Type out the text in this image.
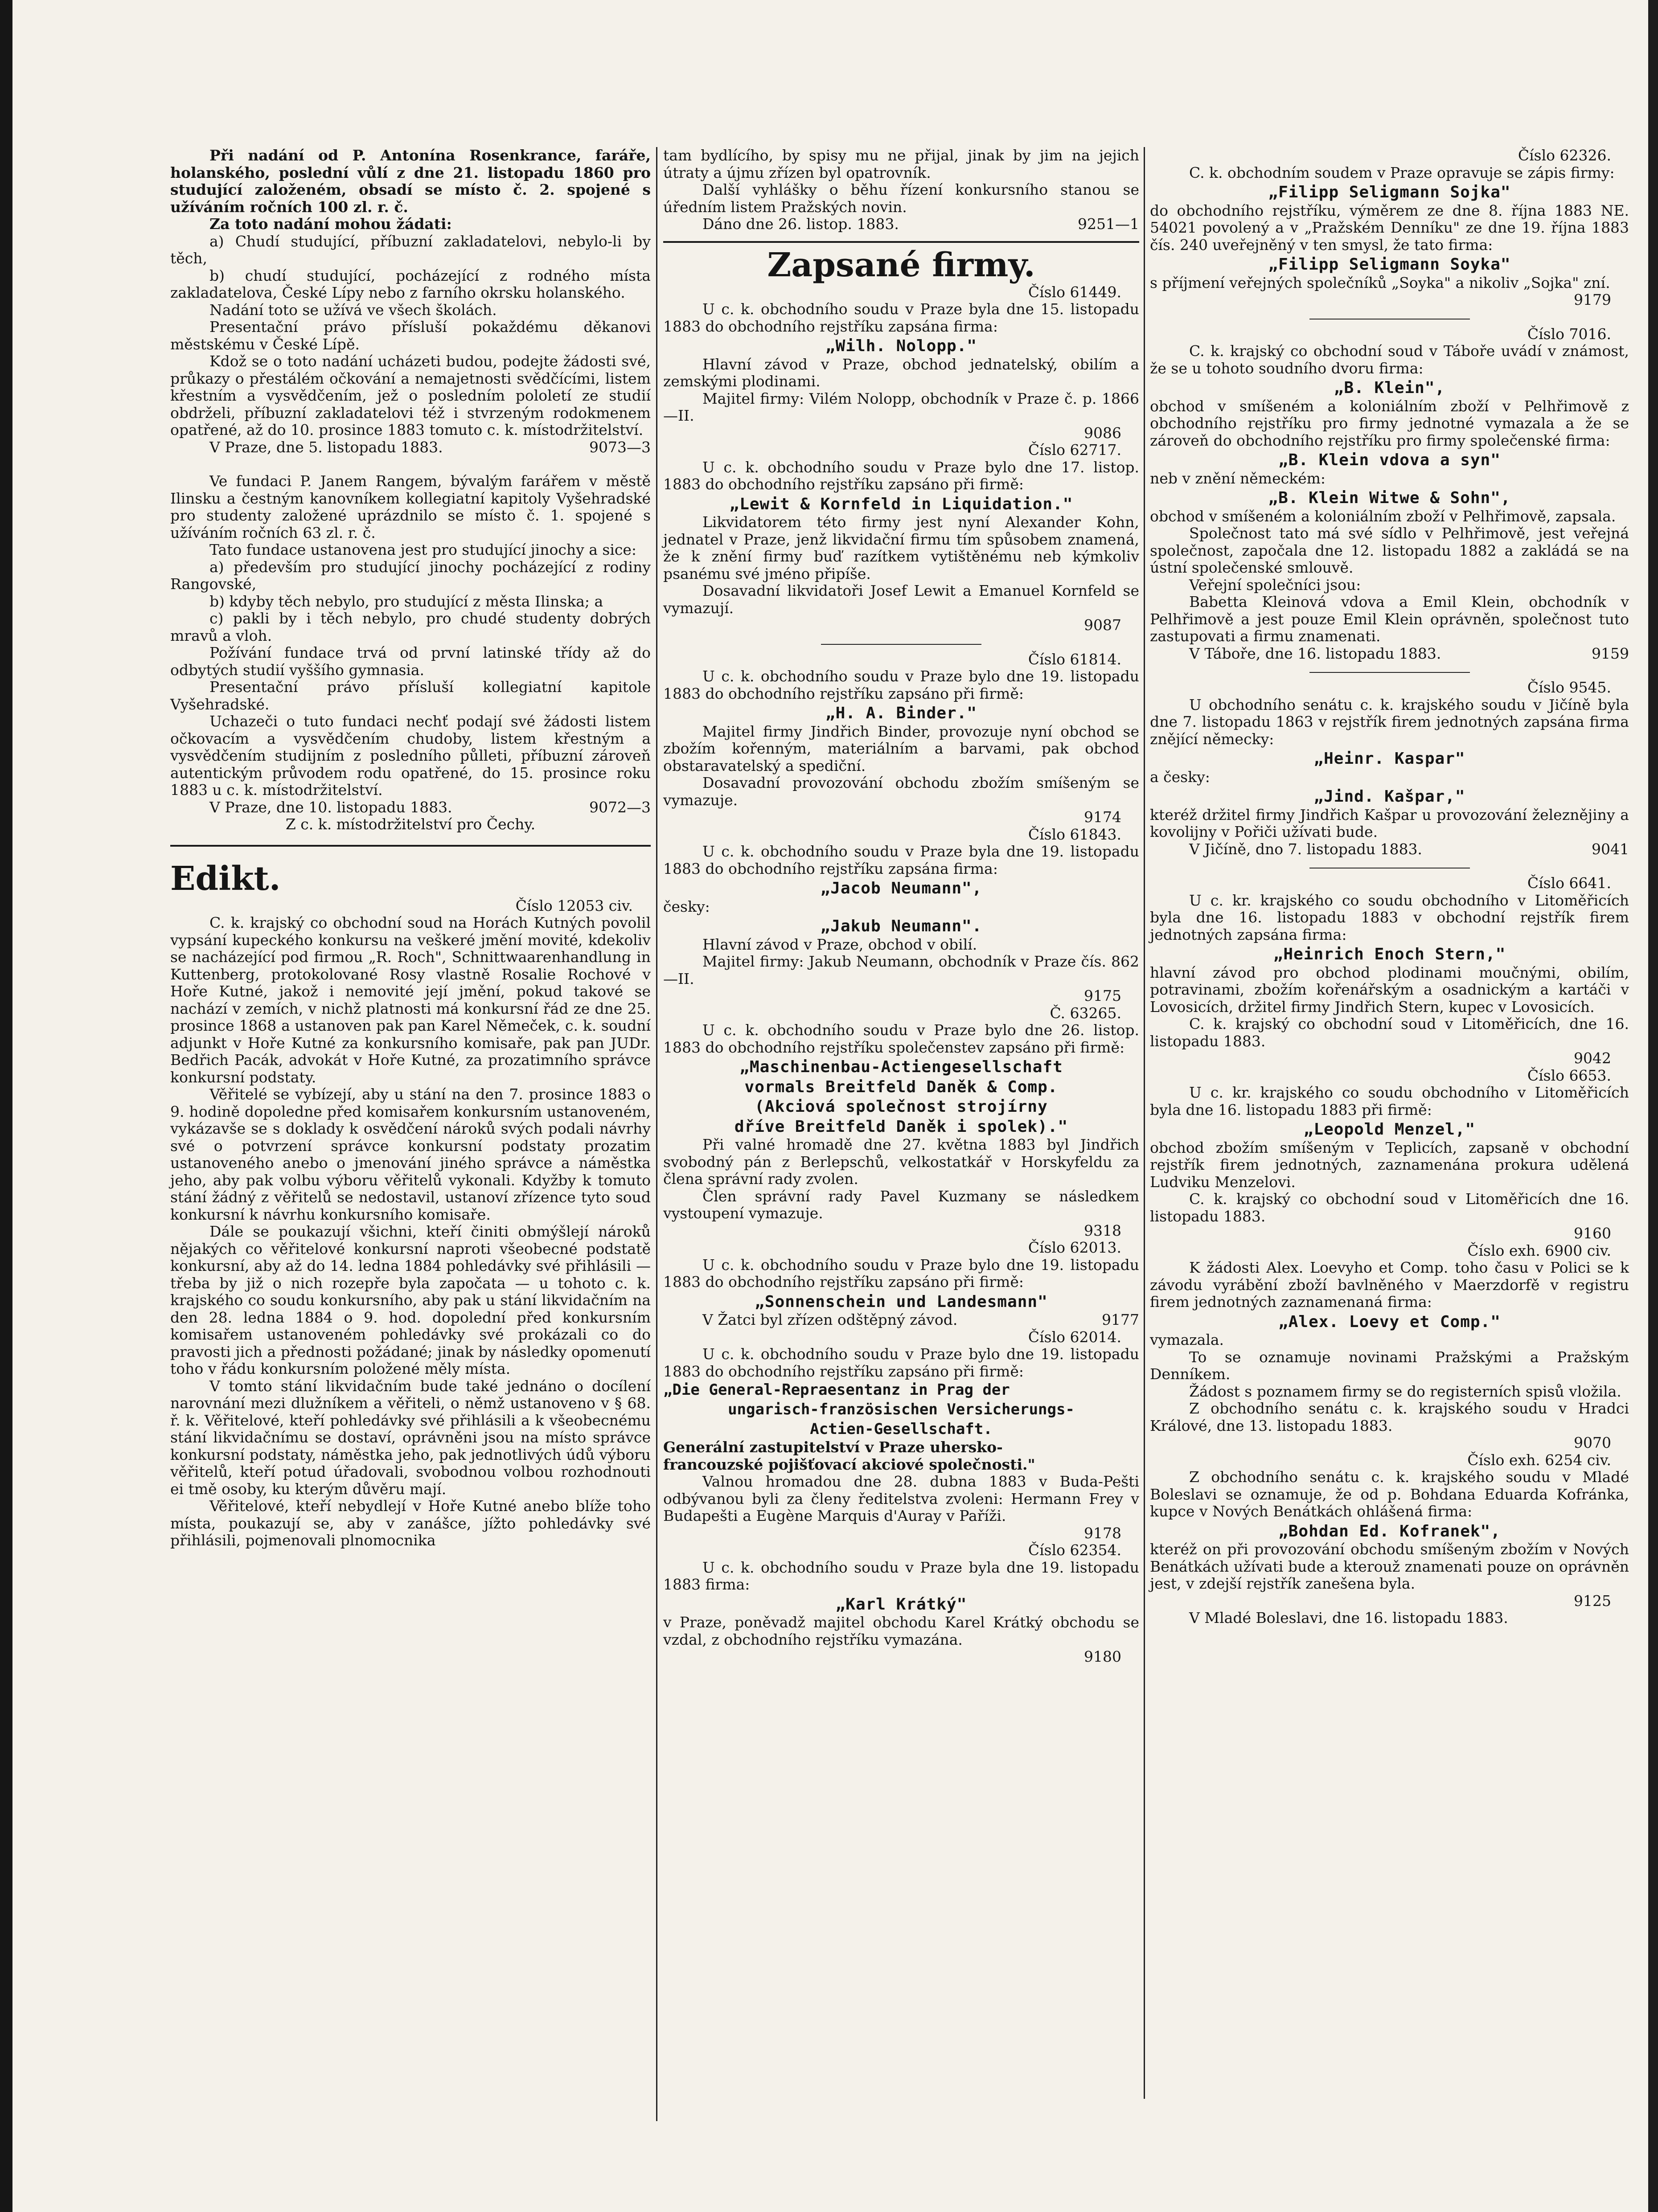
Při nadání od P. Antonína Rosenkrance, faráře, holanského, poslední vůlí z dne 21. listopadu 1860 pro studující založeném, obsadí se místo č. 2. spojené s užíváním ročních 100 zl. r. č.

Za toto nadání mohou žádati:

a) Chudí studující, příbuzní zakladatelovi, nebylo-li by těch,

b) chudí studující, pocházející z rodného místa zakladatelova, České Lípy nebo z farního okrsku holanského.

Nadání toto se užívá ve všech školách.

Presentační právo přísluší pokaždému děkanovi městskému v České Lípě.

Kdož se o toto nadání ucházeti budou, podejte žádosti své, průkazy o přestálém očkování a nemajetnosti svědčícími, listem křestním a vysvědčením, jež o posledním pololetí ze studií obdrželi, příbuzní zakladatelovi též i stvrzeným rodokmenem opatřené, až do 10. prosince 1883 tomuto c. k. místodržitelství.

V Praze, dne 5. listopadu 1883.	9073—3

Ve fundaci P. Janem Rangem, bývalým farářem v městě Ilinsku a čestným kanovníkem kollegiatní kapitoly Vyšehradské pro studenty založené uprázdnilo se místo č. 1. spojené s užíváním ročních 63 zl. r. č.

Tato fundace ustanovena jest pro studující jinochy a sice:

a) především pro studující jinochy pocházející z rodiny Rangovské,

b) kdyby těch nebylo, pro studující z města Ilinska; a

c) pakli by i těch nebylo, pro chudé studenty dobrých mravů a vloh.

Požívání fundace trvá od první latinské třídy až do odbytých studií vyššího gymnasia.

Presentační právo přísluší kollegiatní kapitole Vyšehradské.

Uchazeči o tuto fundaci nechť podají své žádosti listem očkovacím a vysvědčením chudoby, listem křestným a vysvědčením studijním z posledního půlleti, příbuzní zároveň autentickým průvodem rodu opatřené, do 15. prosince roku 1883 u c. k. místodržitelství.

V Praze, dne 10. listopadu 1883.	9072—3

Z c. k. místodržitelství pro Čechy.

Edikt.

Číslo 12053 civ.

C. k. krajský co obchodní soud na Horách Kutných povolil vypsání kupeckého konkursu na veškeré jmění movité, kdekoliv se nacházející pod firmou „R. Roch", Schnittwaarenhandlung in Kuttenberg, protokolované Rosy vlastně Rosalie Rochové v Hoře Kutné, jakož i nemovité její jmění, pokud takové se nachází v zemích, v nichž platnosti má konkursní řád ze dne 25. prosince 1868 a ustanoven pak pan Karel Němeček, c. k. soudní adjunkt v Hoře Kutné za konkursního komisaře, pak pan JUDr. Bedřich Pacák, advokát v Hoře Kutné, za prozatimního správce konkursní podstaty.

Věřitelé se vybízejí, aby u stání na den 7. prosince 1883 o 9. hodině dopoledne před komisařem konkursním ustanoveném, vykázavše se s doklady k osvědčení nároků svých podali návrhy své o potvrzení správce konkursní podstaty prozatim ustanoveného anebo o jmenování jiného správce a náměstka jeho, aby pak volbu výboru věřitelů vykonali. Kdyžby k tomuto stání žádný z věřitelů se nedostavil, ustanoví zřízence tyto soud konkursní k návrhu konkursního komisaře.

Dále se poukazují všichni, kteří činiti obmýšlejí nároků nějakých co věřitelové konkursní naproti všeobecné podstatě konkursní, aby až do 14. ledna 1884 pohledávky své přihlásili — třeba by již o nich rozepře byla započata — u tohoto c. k. krajského co soudu konkursního, aby pak u stání likvidačním na den 28. ledna 1884 o 9. hod. dopolední před konkursním komisařem ustanoveném pohledávky své prokázali co do pravosti jich a přednosti požádané; jinak by následky opomenutí toho v řádu konkursním položené měly místa.

V tomto stání likvidačním bude také jednáno o docílení narovnání mezi dlužníkem a věřiteli, o němž ustanoveno v § 68. ř. k. Věřitelové, kteří pohledávky své přihlásili a k všeobecnému stání likvidačnímu se dostaví, oprávněni jsou na místo správce konkursní podstaty, náměstka jeho, pak jednotlivých údů výboru věřitelů, kteří potud úřadovali, svobodnou volbou rozhodnouti ei tmě osoby, ku kterým důvěru mají.

Věřitelové, kteří nebydlejí v Hoře Kutné anebo blíže toho místa, poukazují se, aby v zanášce, jížto pohledávky své přihlásili, pojmenovali plnomocnika

tam bydlícího, by spisy mu ne přijal, jinak by jim na jejich útraty a újmu zřízen byl opatrovník.

Další vyhlášky o běhu řízení konkursního stanou se úředním listem Pražských novin.

Dáno dne 26. listop. 1883.	9251—1

Zapsané firmy.

Číslo 61449.

U c. k. obchodního soudu v Praze byla dne 15. listopadu 1883 do obchodního rejstříku zapsána firma:

„Wilh. Nolopp."

Hlavní závod v Praze, obchod jednatelský, obilím a zemskými plodinami.

Majitel firmy: Vilém Nolopp, obchodník v Praze č. p. 1866—II.

9086

Číslo 62717.

U c. k. obchodního soudu v Praze bylo dne 17. listop. 1883 do obchodního rejstříku zapsáno při firmě:

„Lewit & Kornfeld in Liquidation."

Likvidatorem této firmy jest nyní Alexander Kohn, jednatel v Praze, jenž likvidační firmu tím spůsobem znamená, že k znění firmy buď razítkem vytištěnému neb kýmkoliv psanému své jméno připíše.

Dosavadní likvidatoři Josef Lewit a Emanuel Kornfeld se vymazují.

9087

Číslo 61814.

U c. k. obchodního soudu v Praze bylo dne 19. listopadu 1883 do obchodního rejstříku zapsáno při firmě:

„H. A. Binder."

Majitel firmy Jindřich Binder, provozuje nyní obchod se zbožím kořenným, materiálním a barvami, pak obchod obstaravatelský a spediční.

Dosavadní provozování obchodu zbožím smíšeným se vymazuje.

9174

Číslo 61843.

U c. k. obchodního soudu v Praze byla dne 19. listopadu 1883 do obchodního rejstříku zapsána firma:

„Jacob Neumann",

česky:

„Jakub Neumann".

Hlavní závod v Praze, obchod v obilí.

Majitel firmy: Jakub Neumann, obchodník v Praze čís. 862—II.

9175

Č. 63265.

U c. k. obchodního soudu v Praze bylo dne 26. listop. 1883 do obchodního rejstříku společenstev zapsáno při firmě:

„Maschinenbau-Actiengesellschaft

vormals Breitfeld Daněk & Comp.

(Akciová společnost strojírny

dříve Breitfeld Daněk i spolek)."

Při valné hromadě dne 27. května 1883 byl Jindřich svobodný pán z Berlepschů, velkostatkář v Horskyfeldu za člena správní rady zvolen.

Člen správní rady Pavel Kuzmany se následkem vystoupení vymazuje.

9318

Číslo 62013.

U c. k. obchodního soudu v Praze bylo dne 19. listopadu 1883 do obchodního rejstříku zapsáno při firmě:

„Sonnenschein und Landesmann"

V Žatci byl zřízen odštěpný závod.	9177

Číslo 62014.

U c. k. obchodního soudu v Praze bylo dne 19. listopadu 1883 do obchodního rejstříku zapsáno při firmě:

„Die General-Repraesentanz in Prag der

ungarisch-französischen Versicherungs-

Actien-Gesellschaft.

Generální zastupitelství v Praze uhersko-

francouzské pojišťovací akciové společnosti."

Valnou hromadou dne 28. dubna 1883 v Buda-Pešti odbývanou byli za členy ředitelstva zvoleni: Hermann Frey v Budapešti a Eugène Marquis d'Auray v Paříži.

9178

Číslo 62354.

U c. k. obchodního soudu v Praze byla dne 19. listopadu 1883 firma:

„Karl Krátký"

v Praze, poněvadž majitel obchodu Karel Krátký obchodu se vzdal, z obchodního rejstříku vymazána.

9180

Číslo 62326.

C. k. obchodním soudem v Praze opravuje se zápis firmy:

„Filipp Seligmann Sojka"

do obchodního rejstříku, výměrem ze dne 8. října 1883 NE. 54021 povolený a v „Pražském Denníku" ze dne 19. října 1883 čís. 240 uveřejněný v ten smysl, že tato firma:

„Filipp Seligmann Soyka"

s příjmení veřejných společníků „Soyka" a nikoliv „Sojka" zní.

9179

Číslo 7016.

C. k. krajský co obchodní soud v Táboře uvádí v známost, že se u tohoto soudního dvoru firma:

„B. Klein",

obchod v smíšeném a koloniálním zboží v Pelhřimově z obchodního rejstříku pro firmy jednotné vymazala a že se zároveň do obchodního rejstříku pro firmy společenské firma:

„B. Klein vdova a syn"

neb v znění německém:

„B. Klein Witwe & Sohn",

obchod v smíšeném a koloniálním zboží v Pelhřimově, zapsala.

Společnost tato má své sídlo v Pelhřimově, jest veřejná společnost, započala dne 12. listopadu 1882 a zakládá se na ústní společenské smlouvě.

Veřejní společníci jsou:

Babetta Kleinová vdova a Emil Klein, obchodník v Pelhřimově a jest pouze Emil Klein oprávněn, společnost tuto zastupovati a firmu znamenati.

V Táboře, dne 16. listopadu 1883.	9159

Číslo 9545.

U obchodního senátu c. k. krajského soudu v Jičíně byla dne 7. listopadu 1863 v rejstřík firem jednotných zapsána firma znějící německy:

„Heinr. Kaspar"

a česky:

„Jind. Kašpar,"

kteréž držitel firmy Jindřich Kašpar u provozování železnějiny a kovolijny v Pořiči užívati bude.

V Jičíně, dno 7. listopadu 1883.	9041

Číslo 6641.

U c. kr. krajského co soudu obchodního v Litoměřicích byla dne 16. listopadu 1883 v obchodní rejstřík firem jednotných zapsána firma:

„Heinrich Enoch Stern,"

hlavní závod pro obchod plodinami moučnými, obilím, potravinami, zbožím kořenářským a osadnickým a kartáči v Lovosicích, držitel firmy Jindřich Stern, kupec v Lovosicích.

C. k. krajský co obchodní soud v Litoměřicích, dne 16. listopadu 1883.

9042

Číslo 6653.

U c. kr. krajského co soudu obchodního v Litoměřicích byla dne 16. listopadu 1883 při firmě:

„Leopold Menzel,"

obchod zbožím smíšeným v Teplicích, zapsaně v obchodní rejstřík firem jednotných, zaznamenána prokura udělená Ludviku Menzelovi.

C. k. krajský co obchodní soud v Litoměřicích dne 16. listopadu 1883.

9160

Číslo exh. 6900 civ.

K žádosti Alex. Loevyho et Comp. toho času v Polici se k závodu vyrábění zboží bavlněného v Maerzdorfě v registru firem jednotných zaznamenaná firma:

„Alex. Loevy et Comp."

vymazala.

To se oznamuje novinami Pražskými a Pražským Denníkem.

Žádost s poznamem firmy se do registerních spisů vložila.

Z obchodního senátu c. k. krajského soudu v Hradci Králové, dne 13. listopadu 1883.

9070

Číslo exh. 6254 civ.

Z obchodního senátu c. k. krajského soudu v Mladé Boleslavi se oznamuje, že od p. Bohdana Eduarda Kofránka, kupce v Nových Benátkách ohlášená firma:

„Bohdan Ed. Kofranek",

kteréž on při provozování obchodu smíšeným zbožím v Nových Benátkách užívati bude a kterouž znamenati pouze on oprávněn jest, v zdejší rejstřík zanešena byla.

9125

V Mladé Boleslavi, dne 16. listopadu 1883.
